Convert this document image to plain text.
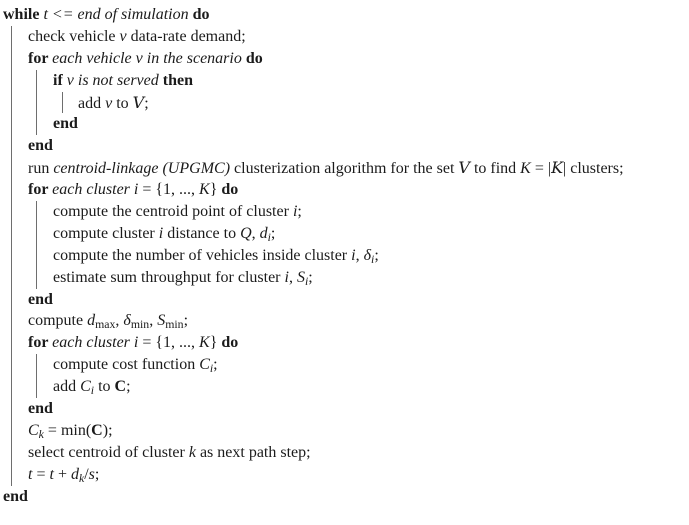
while t <= end of simulation do
check vehicle v data-rate demand;
for each vehicle v in the scenario do
if v is not served then
add v to V;
end
end
run centroid-linkage (UPGMC) clusterization algorithm for the set V to find K = |K| clusters;
for each cluster i = {1, ..., K} do
compute the centroid point of cluster i;
compute cluster i distance to Q, di;
compute the number of vehicles inside cluster i, δi;
estimate sum throughput for cluster i, Si;
end
compute dmax, δmin, Smin;
for each cluster i = {1, ..., K} do
compute cost function Ci;
add Ci to C;
end
Ck = min(C);
select centroid of cluster k as next path step;
t = t + dk/s;
end
